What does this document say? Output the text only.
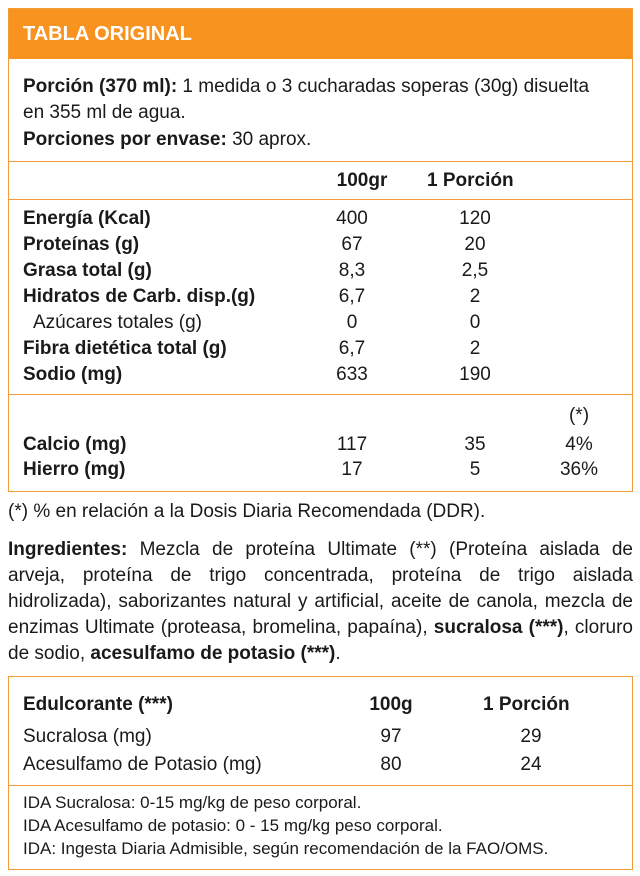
TABLA ORIGINAL
Porción (370 ml): 1 medida o 3 cucharadas soperas (30g) disuelta
en 355 ml de agua.
Porciones por envase: 30 aprox.
100gr	1 Porción
Energía (Kcal)	400	120
Proteínas (g)	67	20
Grasa total (g)	8,3	2,5
Hidratos de Carb. disp.(g)	6,7	2
Azúcares totales (g)	0	0
Fibra dietética total (g)	6,7	2
Sodio (mg)	633	190
(*)
Calcio (mg)	117	35	4%
Hierro (mg)	17	5	36%
(*) % en relación a la Dosis Diaria Recomendada (DDR).
Ingredientes: Mezcla de proteína Ultimate (**) (Proteína aislada de arveja, proteína de trigo concentrada, proteína de trigo aislada hidrolizada), saborizantes natural y artificial, aceite de canola, mezcla de enzimas Ultimate (proteasa, bromelina, papaína), sucralosa (***), cloruro de sodio, acesulfamo de potasio (***).
Edulcorante (***)	100g	1 Porción
Sucralosa (mg)	97	29
Acesulfamo de Potasio (mg)	80	24
IDA Sucralosa: 0-15 mg/kg de peso corporal.
IDA Acesulfamo de potasio: 0 - 15 mg/kg peso corporal.
IDA: Ingesta Diaria Admisible, según recomendación de la FAO/OMS.
